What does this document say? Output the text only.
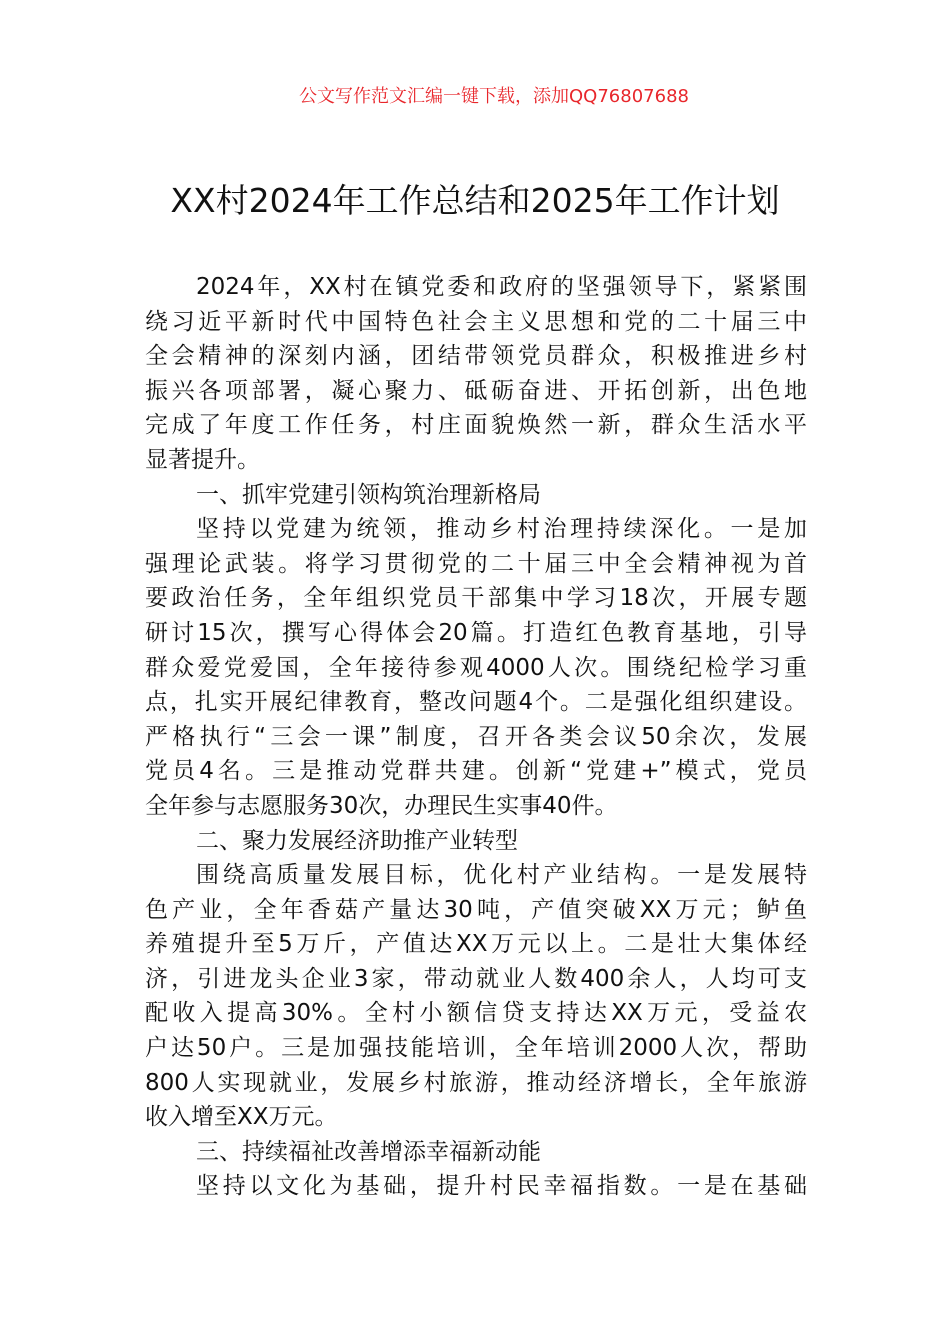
公文写作范文汇编一键下载，添加QQ76807688
XX村2024年工作总结和2025年工作计划
2024年，XX村在镇党委和政府的坚强领导下，紧紧围
绕习近平新时代中国特色社会主义思想和党的二十届三中
全会精神的深刻内涵，团结带领党员群众，积极推进乡村
振兴各项部署，凝心聚力、砥砺奋进、开拓创新，出色地
完成了年度工作任务，村庄面貌焕然一新，群众生活水平
显著提升。
一、抓牢党建引领构筑治理新格局
坚持以党建为统领，推动乡村治理持续深化。一是加
强理论武装。将学习贯彻党的二十届三中全会精神视为首
要政治任务，全年组织党员干部集中学习18次，开展专题
研讨15次，撰写心得体会20篇。打造红色教育基地，引导
群众爱党爱国，全年接待参观4000人次。围绕纪检学习重
点，扎实开展纪律教育，整改问题4个。二是强化组织建设。
严格执行“三会一课”制度，召开各类会议50余次，发展
党员4名。三是推动党群共建。创新“党建+”模式，党员
全年参与志愿服务30次，办理民生实事40件。
二、聚力发展经济助推产业转型
围绕高质量发展目标，优化村产业结构。一是发展特
色产业，全年香菇产量达30吨，产值突破XX万元；鲈鱼
养殖提升至5万斤，产值达XX万元以上。二是壮大集体经
济，引进龙头企业3家，带动就业人数400余人，人均可支
配收入提高30%。全村小额信贷支持达XX万元，受益农
户达50户。三是加强技能培训，全年培训2000人次，帮助
800人实现就业，发展乡村旅游，推动经济增长，全年旅游
收入增至XX万元。
三、持续福祉改善增添幸福新动能
坚持以文化为基础，提升村民幸福指数。一是在基础
